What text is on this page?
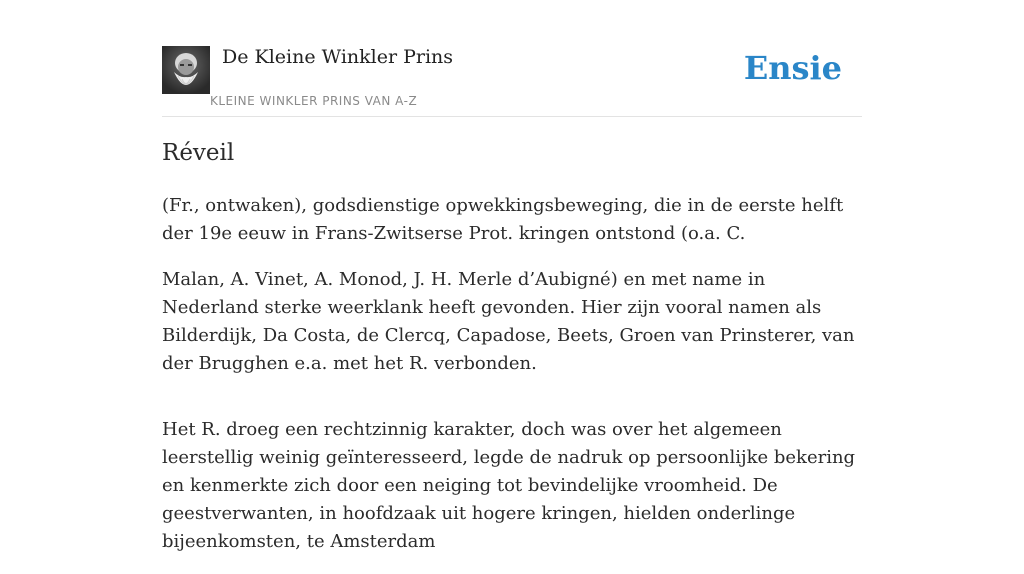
De Kleine Winkler Prins
KLEINE WINKLER PRINS VAN A-Z
Ensie
Réveil

(Fr., ontwaken), godsdienstige opwekkingsbeweging, die in de eerste helft der 19e eeuw in Frans-Zwitserse Prot. kringen ontstond (o.a. C.

Malan, A. Vinet, A. Monod, J. H. Merle d’Aubigné) en met name in Nederland sterke weerklank heeft gevonden. Hier zijn vooral namen als Bilderdijk, Da Costa, de Clercq, Capadose, Beets, Groen van Prinsterer, van der Brugghen e.a. met het R. verbonden.

Het R. droeg een rechtzinnig karakter, doch was over het algemeen leerstellig weinig geïnteresseerd, legde de nadruk op persoonlijke bekering en kenmerkte zich door een neiging tot bevindelijke vroomheid. De geestverwanten, in hoofdzaak uit hogere kringen, hielden onderlinge bijeenkomsten, te Amsterdam
